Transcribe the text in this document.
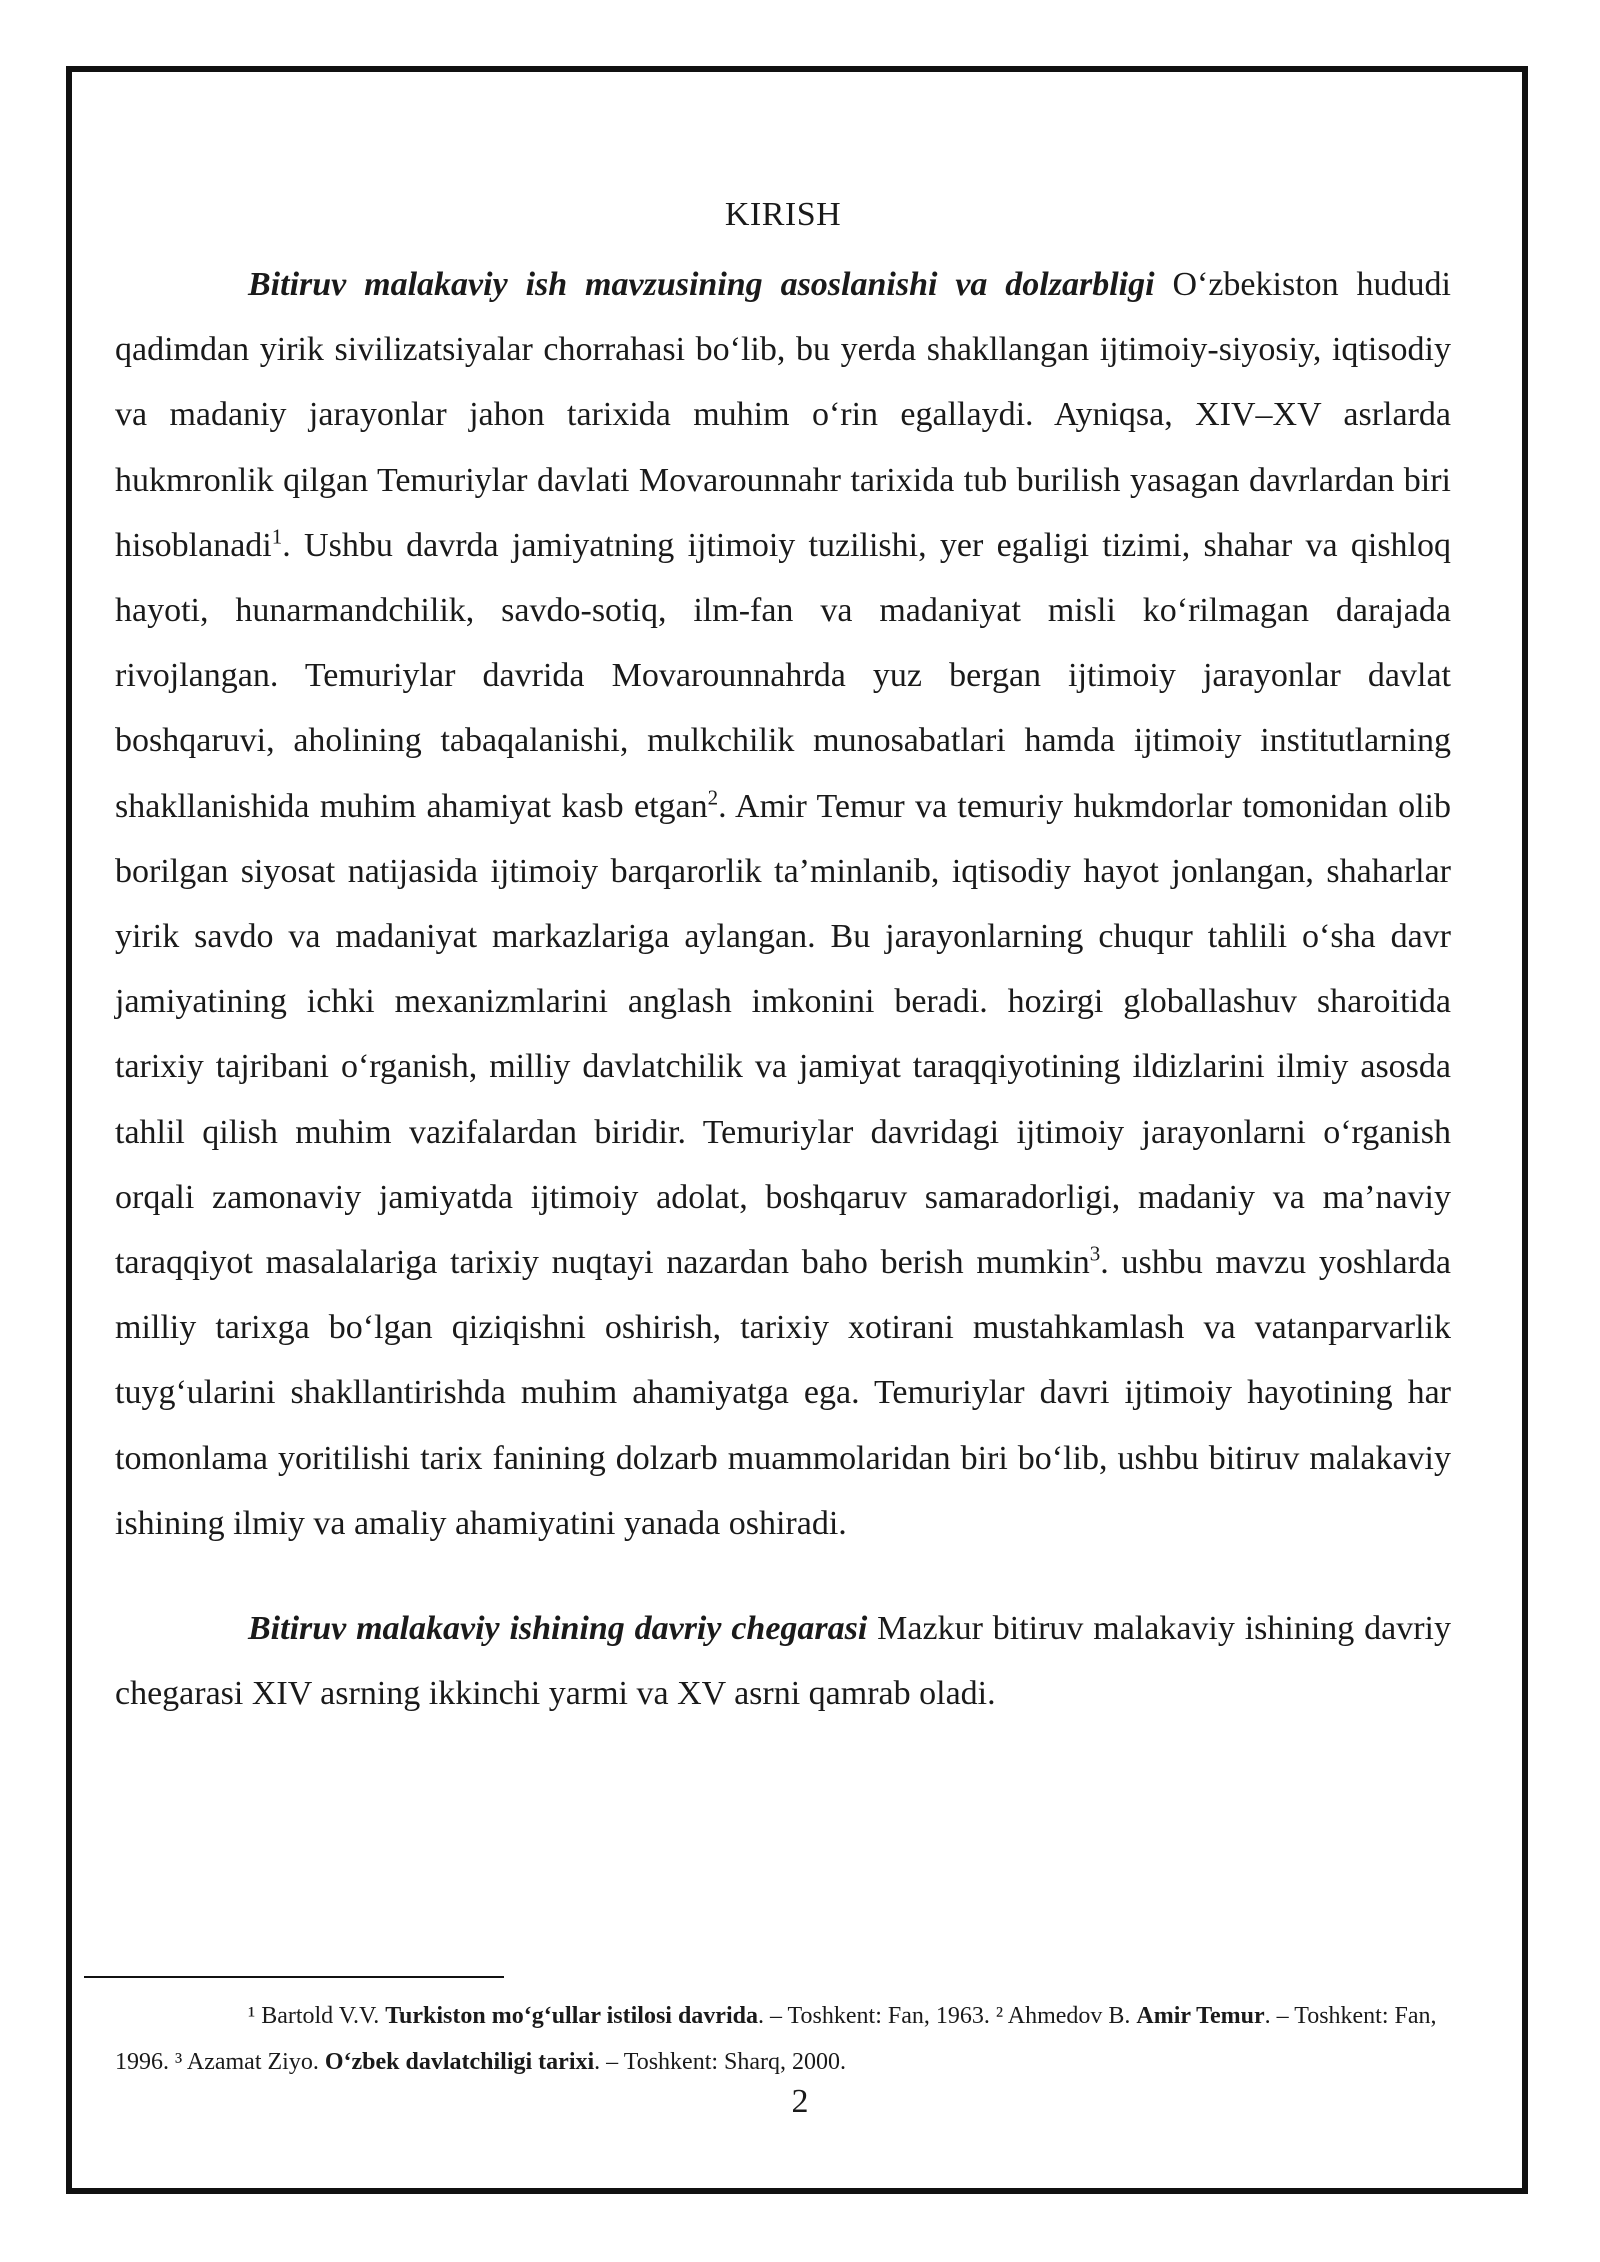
KIRISH

Bitiruv malakaviy ish mavzusining asoslanishi va dolzarbligi O‘zbekiston hududi qadimdan yirik sivilizatsiyalar chorrahasi bo‘lib, bu yerda shakllangan ijtimoiy-siyosiy, iqtisodiy va madaniy jarayonlar jahon tarixida muhim o‘rin egallaydi. Ayniqsa, XIV–XV asrlarda hukmronlik qilgan Temuriylar davlati Movarounnahr tarixida tub burilish yasagan davrlardan biri hisoblanadi$^1$. Ushbu davrda jamiyatning ijtimoiy tuzilishi, yer egaligi tizimi, shahar va qishloq hayoti, hunarmandchilik, savdo-sotiq, ilm-fan va madaniyat misli ko‘rilmagan darajada rivojlangan. Temuriylar davrida Movarounnahrda yuz bergan ijtimoiy jarayonlar davlat boshqaruvi, aholining tabaqalanishi, mulkchilik munosabatlari hamda ijtimoiy institutlarning shakllanishida muhim ahamiyat kasb etgan$^2$. Amir Temur va temuriy hukmdorlar tomonidan olib borilgan siyosat natijasida ijtimoiy barqarorlik ta’minlanib, iqtisodiy hayot jonlangan, shaharlar yirik savdo va madaniyat markazlariga aylangan. Bu jarayonlarning chuqur tahlili o‘sha davr jamiyatining ichki mexanizmlarini anglash imkonini beradi. hozirgi globallashuv sharoitida tarixiy tajribani o‘rganish, milliy davlatchilik va jamiyat taraqqiyotining ildizlarini ilmiy asosda tahlil qilish muhim vazifalardan biridir. Temuriylar davridagi ijtimoiy jarayonlarni o‘rganish orqali zamonaviy jamiyatda ijtimoiy adolat, boshqaruv samaradorligi, madaniy va ma’naviy taraqqiyot masalalariga tarixiy nuqtayi nazardan baho berish mumkin$^3$. ushbu mavzu yoshlarda milliy tarixga bo‘lgan qiziqishni oshirish, tarixiy xotirani mustahkamlash va vatanparvarlik tuyg‘ularini shakllantirishda muhim ahamiyatga ega. Temuriylar davri ijtimoiy hayotining har tomonlama yoritilishi tarix fanining dolzarb muammolaridan biri bo‘lib, ushbu bitiruv malakaviy ishining ilmiy va amaliy ahamiyatini yanada oshiradi.

Bitiruv malakaviy ishining davriy chegarasi Mazkur bitiruv malakaviy ishining davriy chegarasi XIV asrning ikkinchi yarmi va XV asrni qamrab oladi.

¹ Bartold V.V. Turkiston mo‘g‘ullar istilosi davrida. – Toshkent: Fan, 1963. ² Ahmedov B. Amir Temur. – Toshkent: Fan, 1996. ³ Azamat Ziyo. O‘zbek davlatchiligi tarixi. – Toshkent: Sharq, 2000.
2
